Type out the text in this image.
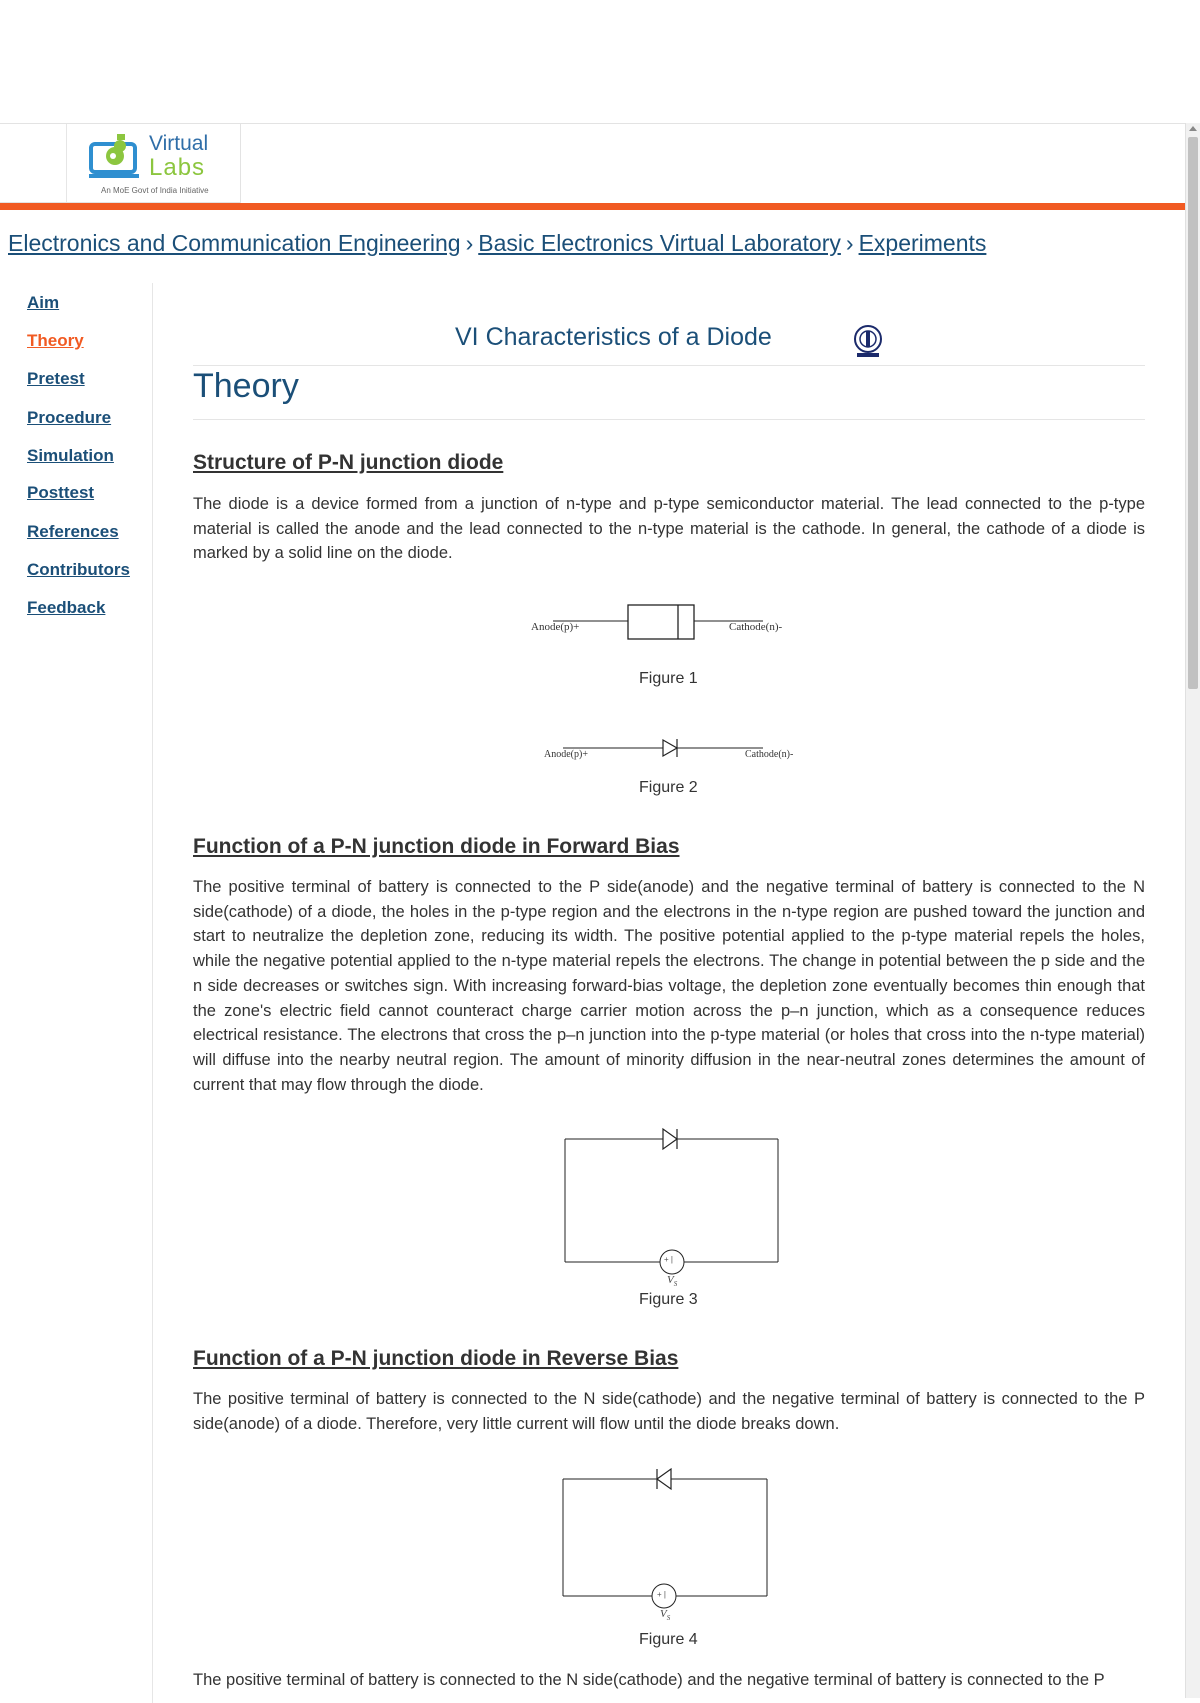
Virtual
Labs
An MoE Govt of India Initiative
Electronics and Communication Engineering › Basic Electronics Virtual Laboratory › Experiments
Aim
Theory
Pretest
Procedure
Simulation
Posttest
References
Contributors
Feedback
VI Characteristics of a Diode
Theory
Structure of P-N junction diode
The diode is a device formed from a junction of n-type and p-type semiconductor material. The lead connected to the p-type material is called the anode and the lead connected to the n-type material is the cathode. In general, the cathode of a diode is marked by a solid line on the diode.
Anode(p)+	Cathode(n)-
Figure 1
Anode(p)+	Cathode(n)-
Figure 2
Function of a P-N junction diode in Forward Bias
The positive terminal of battery is connected to the P side(anode) and the negative terminal of battery is connected to the N side(cathode) of a diode, the holes in the p-type region and the electrons in the n-type region are pushed toward the junction and start to neutralize the depletion zone, reducing its width. The positive potential applied to the p-type material repels the holes, while the negative potential applied to the n-type material repels the electrons. The change in potential between the p side and the n side decreases or switches sign. With increasing forward-bias voltage, the depletion zone eventually becomes thin enough that the zone's electric field cannot counteract charge carrier motion across the p–n junction, which as a consequence reduces electrical resistance. The electrons that cross the p–n junction into the p-type material (or holes that cross into the n-type material) will diffuse into the nearby neutral region. The amount of minority diffusion in the near-neutral zones determines the amount of current that may flow through the diode.
+ |
$V_S$
Figure 3
Function of a P-N junction diode in Reverse Bias
The positive terminal of battery is connected to the N side(cathode) and the negative terminal of battery is connected to the P side(anode) of a diode. Therefore, very little current will flow until the diode breaks down.
+ |
$V_S$
Figure 4
The positive terminal of battery is connected to the N side(cathode) and the negative terminal of battery is connected to the P
